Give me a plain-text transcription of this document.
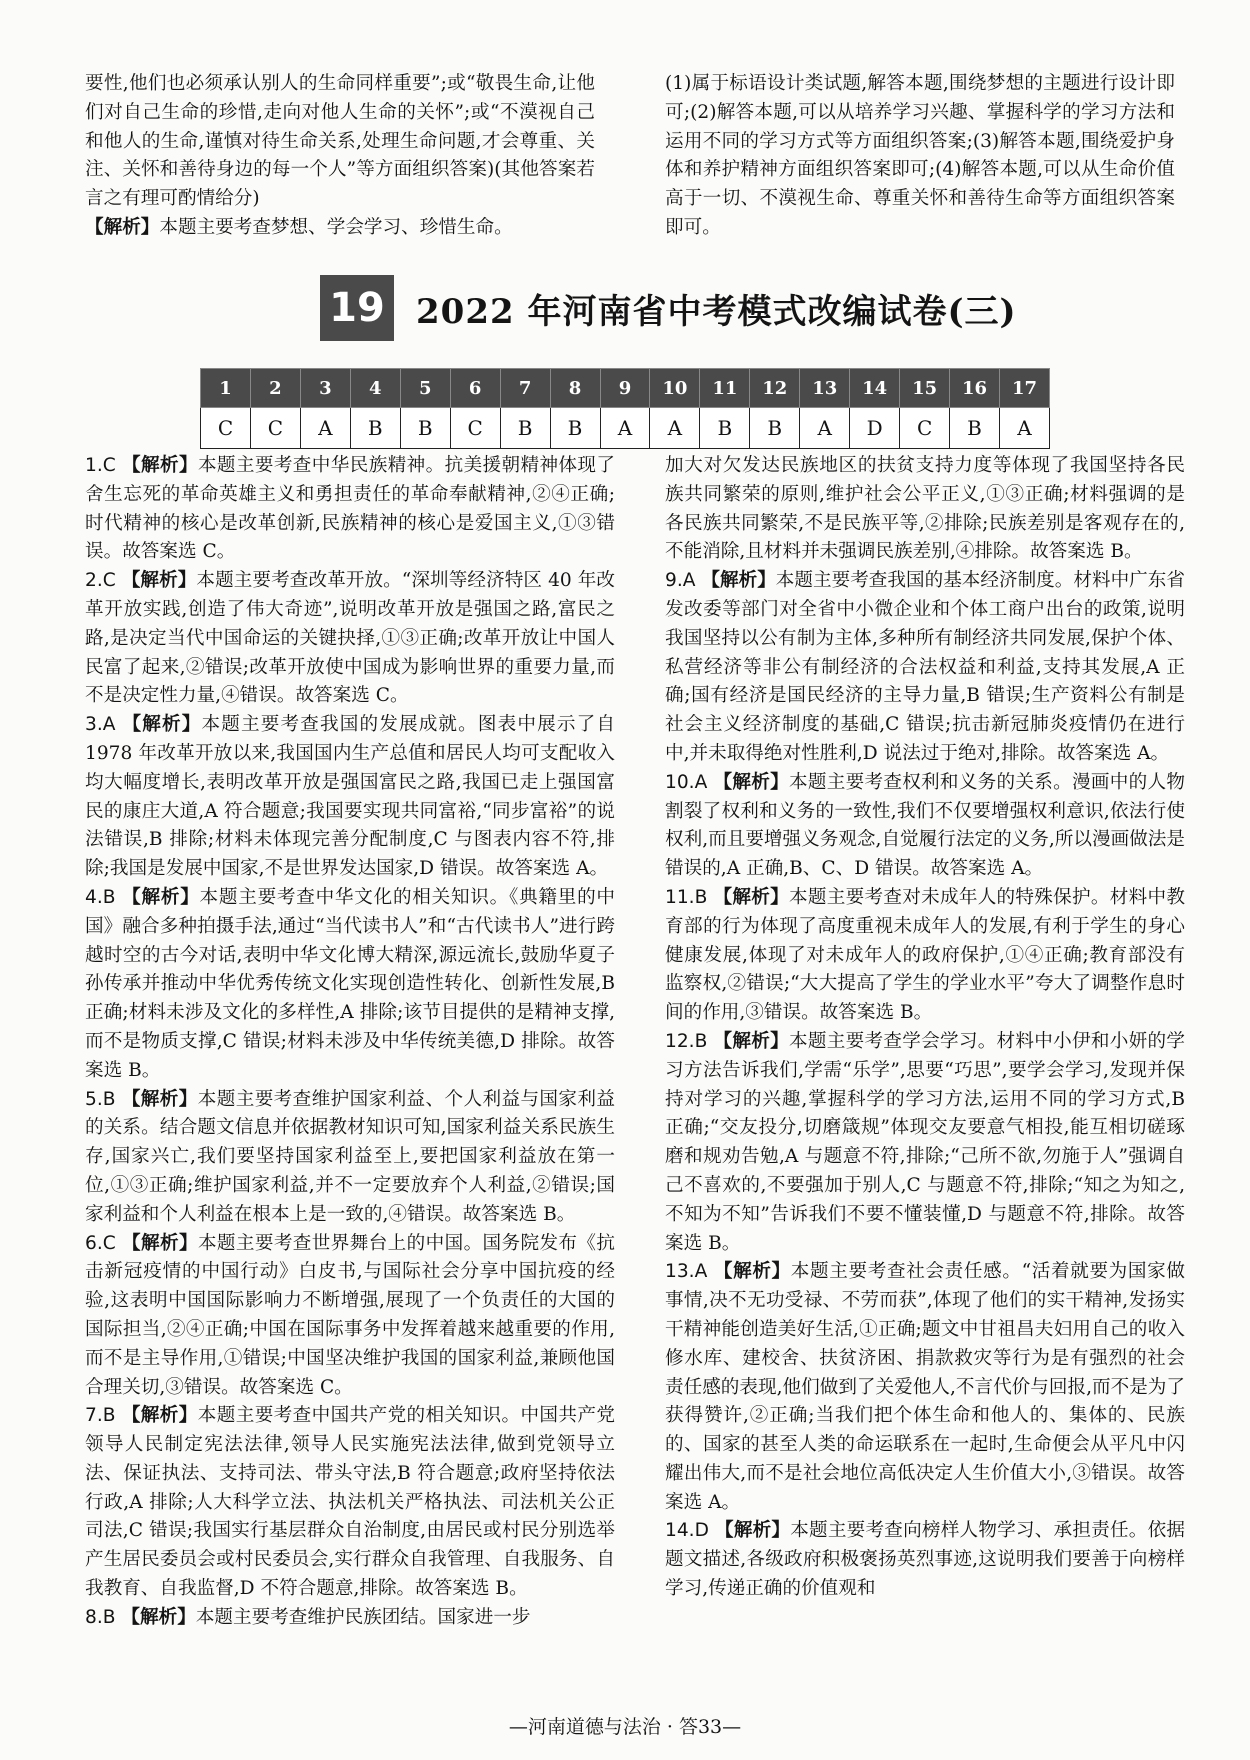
要性,他们也必须承认别人的生命同样重要”;或“敬畏生命,让他们对自己生命的珍惜,走向对他人生命的关怀”;或“不漠视自己和他人的生命,谨慎对待生命关系,处理生命问题,才会尊重、关注、关怀和善待身边的每一个人”等方面组织答案)(其他答案若言之有理可酌情给分)

【解析】本题主要考查梦想、学会学习、珍惜生命。

(1)属于标语设计类试题,解答本题,围绕梦想的主题进行设计即可;(2)解答本题,可以从培养学习兴趣、掌握科学的学习方法和运用不同的学习方式等方面组织答案;(3)解答本题,围绕爱护身体和养护精神方面组织答案即可;(4)解答本题,可以从生命价值高于一切、不漠视生命、尊重关怀和善待生命等方面组织答案即可。

19 2022 年河南省中考模式改编试卷(三)
1	2	3	4	5	6	7	8	9	10	11	12	13	14	15	16	17
C	C	A	B	B	C	B	B	A	A	B	B	A	D	C	B	A

1.C 【解析】本题主要考查中华民族精神。抗美援朝精神体现了舍生忘死的革命英雄主义和勇担责任的革命奉献精神,②④正确;时代精神的核心是改革创新,民族精神的核心是爱国主义,①③错误。故答案选 C。

2.C 【解析】本题主要考查改革开放。“深圳等经济特区 40 年改革开放实践,创造了伟大奇迹”,说明改革开放是强国之路,富民之路,是决定当代中国命运的关键抉择,①③正确;改革开放让中国人民富了起来,②错误;改革开放使中国成为影响世界的重要力量,而不是决定性力量,④错误。故答案选 C。

3.A 【解析】本题主要考查我国的发展成就。图表中展示了自 1978 年改革开放以来,我国国内生产总值和居民人均可支配收入均大幅度增长,表明改革开放是强国富民之路,我国已走上强国富民的康庄大道,A 符合题意;我国要实现共同富裕,“同步富裕”的说法错误,B 排除;材料未体现完善分配制度,C 与图表内容不符,排除;我国是发展中国家,不是世界发达国家,D 错误。故答案选 A。

4.B 【解析】本题主要考查中华文化的相关知识。《典籍里的中国》融合多种拍摄手法,通过“当代读书人”和“古代读书人”进行跨越时空的古今对话,表明中华文化博大精深,源远流长,鼓励华夏子孙传承并推动中华优秀传统文化实现创造性转化、创新性发展,B 正确;材料未涉及文化的多样性,A 排除;该节目提供的是精神支撑,而不是物质支撑,C 错误;材料未涉及中华传统美德,D 排除。故答案选 B。

5.B 【解析】本题主要考查维护国家利益、个人利益与国家利益的关系。结合题文信息并依据教材知识可知,国家利益关系民族生存,国家兴亡,我们要坚持国家利益至上,要把国家利益放在第一位,①③正确;维护国家利益,并不一定要放弃个人利益,②错误;国家利益和个人利益在根本上是一致的,④错误。故答案选 B。

6.C 【解析】本题主要考查世界舞台上的中国。国务院发布《抗击新冠疫情的中国行动》白皮书,与国际社会分享中国抗疫的经验,这表明中国国际影响力不断增强,展现了一个负责任的大国的国际担当,②④正确;中国在国际事务中发挥着越来越重要的作用,而不是主导作用,①错误;中国坚决维护我国的国家利益,兼顾他国合理关切,③错误。故答案选 C。

7.B 【解析】本题主要考查中国共产党的相关知识。中国共产党领导人民制定宪法法律,领导人民实施宪法法律,做到党领导立法、保证执法、支持司法、带头守法,B 符合题意;政府坚持依法行政,A 排除;人大科学立法、执法机关严格执法、司法机关公正司法,C 错误;我国实行基层群众自治制度,由居民或村民分别选举产生居民委员会或村民委员会,实行群众自我管理、自我服务、自我教育、自我监督,D 不符合题意,排除。故答案选 B。

8.B 【解析】本题主要考查维护民族团结。国家进一步

加大对欠发达民族地区的扶贫支持力度等体现了我国坚持各民族共同繁荣的原则,维护社会公平正义,①③正确;材料强调的是各民族共同繁荣,不是民族平等,②排除;民族差别是客观存在的,不能消除,且材料并未强调民族差别,④排除。故答案选 B。

9.A 【解析】本题主要考查我国的基本经济制度。材料中广东省发改委等部门对全省中小微企业和个体工商户出台的政策,说明我国坚持以公有制为主体,多种所有制经济共同发展,保护个体、私营经济等非公有制经济的合法权益和利益,支持其发展,A 正确;国有经济是国民经济的主导力量,B 错误;生产资料公有制是社会主义经济制度的基础,C 错误;抗击新冠肺炎疫情仍在进行中,并未取得绝对性胜利,D 说法过于绝对,排除。故答案选 A。

10.A 【解析】本题主要考查权利和义务的关系。漫画中的人物割裂了权利和义务的一致性,我们不仅要增强权利意识,依法行使权利,而且要增强义务观念,自觉履行法定的义务,所以漫画做法是错误的,A 正确,B、C、D 错误。故答案选 A。

11.B 【解析】本题主要考查对未成年人的特殊保护。材料中教育部的行为体现了高度重视未成年人的发展,有利于学生的身心健康发展,体现了对未成年人的政府保护,①④正确;教育部没有监察权,②错误;“大大提高了学生的学业水平”夸大了调整作息时间的作用,③错误。故答案选 B。

12.B 【解析】本题主要考查学会学习。材料中小伊和小妍的学习方法告诉我们,学需“乐学”,思要“巧思”,要学会学习,发现并保持对学习的兴趣,掌握科学的学习方法,运用不同的学习方式,B 正确;“交友投分,切磨箴规”体现交友要意气相投,能互相切磋琢磨和规劝告勉,A 与题意不符,排除;“己所不欲,勿施于人”强调自己不喜欢的,不要强加于别人,C 与题意不符,排除;“知之为知之,不知为不知”告诉我们不要不懂装懂,D 与题意不符,排除。故答案选 B。

13.A 【解析】本题主要考查社会责任感。“活着就要为国家做事情,决不无功受禄、不劳而获”,体现了他们的实干精神,发扬实干精神能创造美好生活,①正确;题文中甘祖昌夫妇用自己的收入修水库、建校舍、扶贫济困、捐款救灾等行为是有强烈的社会责任感的表现,他们做到了关爱他人,不言代价与回报,而不是为了获得赞许,②正确;当我们把个体生命和他人的、集体的、民族的、国家的甚至人类的命运联系在一起时,生命便会从平凡中闪耀出伟大,而不是社会地位高低决定人生价值大小,③错误。故答案选 A。

14.D 【解析】本题主要考查向榜样人物学习、承担责任。依据题文描述,各级政府积极褒扬英烈事迹,这说明我们要善于向榜样学习,传递正确的价值观和

—河南道德与法治 · 答33—
